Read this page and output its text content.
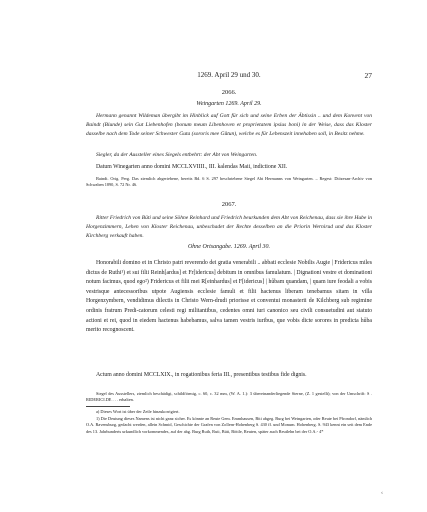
1269. April 29 und 30.	27

2066.

Weingarten 1269. April 29.

Hermann genannt Wildeman übergibt im Hinblick auf Gott für sich und seine Erben der Äbtissin .. und dem Konvent von Baindt (Biunde) sein Gut Liebenhofen (bonum meum Libenhoven et proprietatem ipsius boni) in der Weise, dass das Kloster dasselbe nach dem Tode seiner Schwester Guta (sororis mee Gůtun), welche es für Lebenszeit innehaben soll, in Besitz nehme.

Siegler, da der Aussteller eines Siegels entbehrt: der Abt von Weingarten.

Datum Winegarten anno domini MCCLXVIIII., III. kalendas Maii, indictione XII.

Baindt. Orig. Perg. Das ziemlich abgeriebene, bereits Bd. 6 S. 297 beschriebene Siegel Abt Hermanns von Weingarten. – Regest: Diözesan-Archiv von Schwaben 1890, S. 72 Nr. 46.

2067.

Ritter Friedrich von Büti und seine Söhne Reinhard und Friedrich beurkunden dem Abt von Reichenau, dass sie ihre Hube in Horgenzimmern, Lehen von Kloster Reichenau, unbeschadet der Rechte desselben an die Priorin Wernirud und das Kloster Kirchberg verkauft haben.

Ohne Ortsangabe. 1269. April 30.

Honorabili domino et in Christo patri reverendo dei gratia venerabili .. abbati ecclesie Nobilis Augie | Fridericus miles dictus de Ruthi¹) et sui filii Reinh[ardus] et Fr[idericus] debitum in omnibus famulatum. | Dignationi vestre et dominationi notum facimus, quod ego²) Fridericus et filii mei R[einhardus] et F[idericus] | hůbam quandam, | quam iure feodali a vobis vestrisque antecessoribus utpote Augiensis ecclesie famuli et filii hactenus liberam tenebamus sitam in villa Horgenzymbern, vendidimus dilectis in Christo Wern-drudi priorisse et conventui monasterii de Kilchberg sub regimine ordinis fratrum Predi-catorum celesti regi militantibus, cedentes omni iuri canonico seu civili consuetudini aut statuto actioni et rei, quod in eiedem hactenus habebamus, salva tamen vestris iuribus, que vobis dicte sorores in predicta hůba merito recognoscent.

Actum anno domini MCCLXIX., in rogationibus feria III., presentibus testibus fide dignis.

Siegel des Ausstellers, ziemlich beschädigt, schildförmig, c. 60, c. 32 mm, (W. A. 1.): 3 übereinanderliegende Sterne, (Z. 1 gestellt); von der Umschrift: S . RIDERICI.DE . . . erhalten.

a) Dieses Wort ist über der Zeile hinzukorrigiert.

1) Die Deutung dieses Namens ist nicht ganz sicher. Es könnte an Reute Gem. Emmhausen, Biti abgeg. Burg bei Weingarten, oder Reute bei Pfrondorf, nämlich O.A. Ravensburg, gedacht werden, allein Schmid, Geschichte der Grafen von Zollern-Hohenberg S. 430 ff. und Monum. Hohenberg. S. 943 kennt ein seit dem Ende des 13. Jahrhunderts urkundlich vorkommendes, auf der abg. Burg Ruth, Ruti, Büti, Böttle, Reuten, später auch Reutlehn bei der O.A.- 4*

‹
